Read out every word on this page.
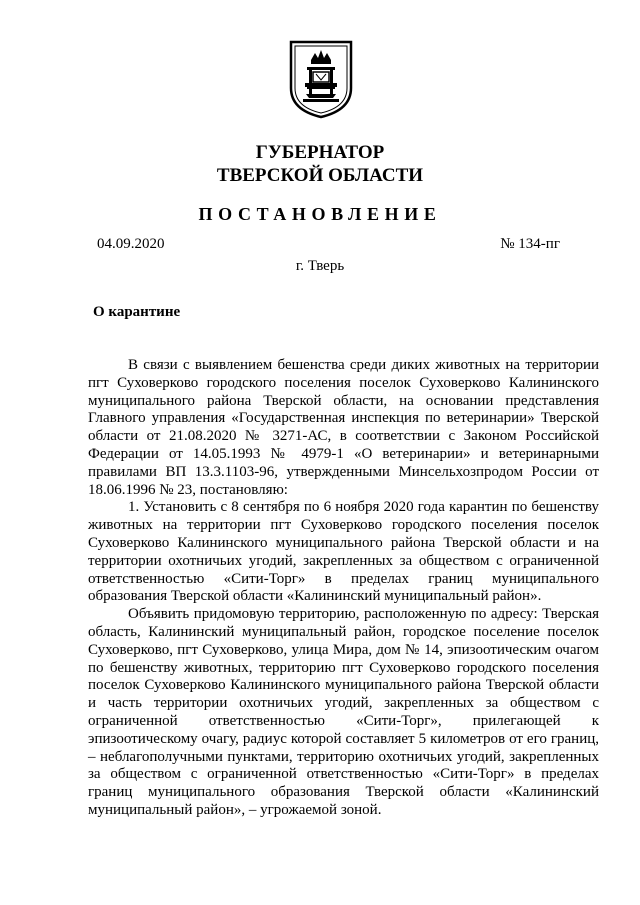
ГУБЕРНАТОР
ТВЕРСКОЙ ОБЛАСТИ
ПОСТАНОВЛЕНИЕ
04.09.2020	№ 134-пг
г. Тверь
О карантине

В связи с выявлением бешенства среди диких животных на территории пгт Суховерково городского поселения поселок Суховерково Калининского муниципального района Тверской области, на основании представления Главного управления «Государственная инспекция по ветеринарии» Тверской области от 21.08.2020 № 3271-АС, в соответствии с Законом Российской Федерации от 14.05.1993 № 4979-1 «О ветеринарии» и ветеринарными правилами ВП 13.3.1103-96, утвержденными Минсельхозпродом России от 18.06.1996 № 23, постановляю:

1. Установить с 8 сентября по 6 ноября 2020 года карантин по бешенству животных на территории пгт Суховерково городского поселения поселок Суховерково Калининского муниципального района Тверской области и на территории охотничьих угодий, закрепленных за обществом с ограниченной ответственностью «Сити-Торг» в пределах границ муниципального образования Тверской области «Калининский муниципальный район».

Объявить придомовую территорию, расположенную по адресу: Тверская область, Калининский муниципальный район, городское поселение поселок Суховерково, пгт Суховерково, улица Мира, дом № 14, эпизоотическим очагом по бешенству животных, территорию пгт Суховерково городского поселения поселок Суховерково Калининского муниципального района Тверской области и часть территории охотничьих угодий, закрепленных за обществом с ограниченной ответственностью «Сити-Торг», прилегающей к эпизоотическому очагу, радиус которой составляет 5 километров от его границ, – неблагополучными пунктами, территорию охотничьих угодий, закрепленных за обществом с ограниченной ответственностью «Сити-Торг» в пределах границ муниципального образования Тверской области «Калининский муниципальный район», – угрожаемой зоной.
